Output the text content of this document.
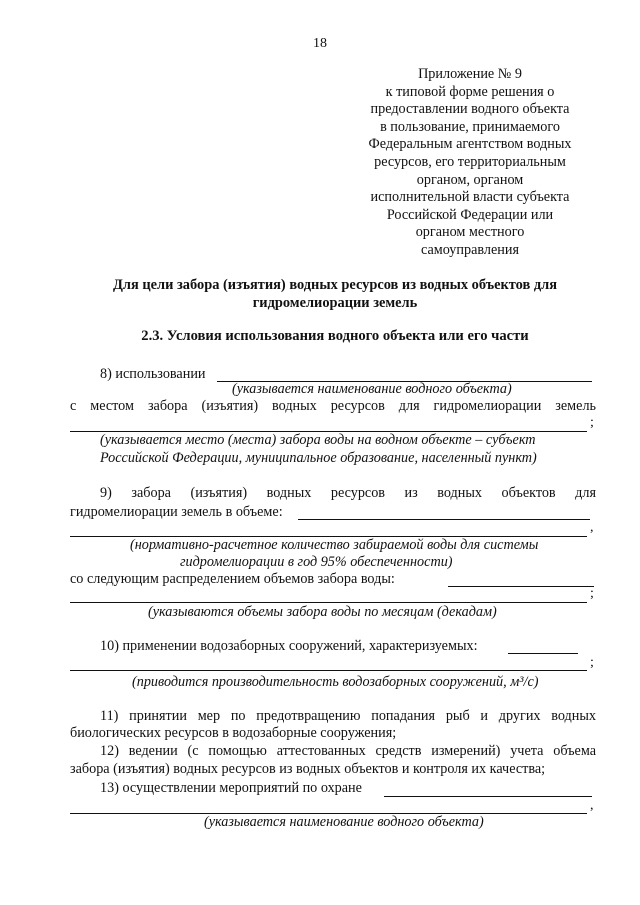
18
Приложение № 9
к типовой форме решения о
предоставлении водного объекта
в пользование, принимаемого
Федеральным агентством водных
ресурсов, его территориальным
органом, органом
исполнительной власти субъекта
Российской Федерации или
органом местного
самоуправления
Для цели забора (изъятия) водных ресурсов из водных объектов для
гидромелиорации земель
2.3. Условия использования водного объекта или его части
8) использовании
(указывается наименование водного объекта)
с местом забора (изъятия) водных ресурсов для гидромелиорации земель
;
(указывается место (места) забора воды на водном объекте – субъект
Российской Федерации, муниципальное образование, населенный пункт)
9) забора (изъятия) водных ресурсов из водных объектов для
гидромелиорации земель в объеме:
,
(нормативно-расчетное количество забираемой воды для системы
гидромелиорации в год 95% обеспеченности)
со следующим распределением объемов забора воды:
;
(указываются объемы забора воды по месяцам (декадам)
10) применении водозаборных сооружений, характеризуемых:
;
(приводится производительность водозаборных сооружений, м³/с)
11) принятии мер по предотвращению попадания рыб и других водных
биологических ресурсов в водозаборные сооружения;
12) ведении (с помощью аттестованных средств измерений) учета объема
забора (изъятия) водных ресурсов из водных объектов и контроля их качества;
13) осуществлении мероприятий по охране
,
(указывается наименование водного объекта)
